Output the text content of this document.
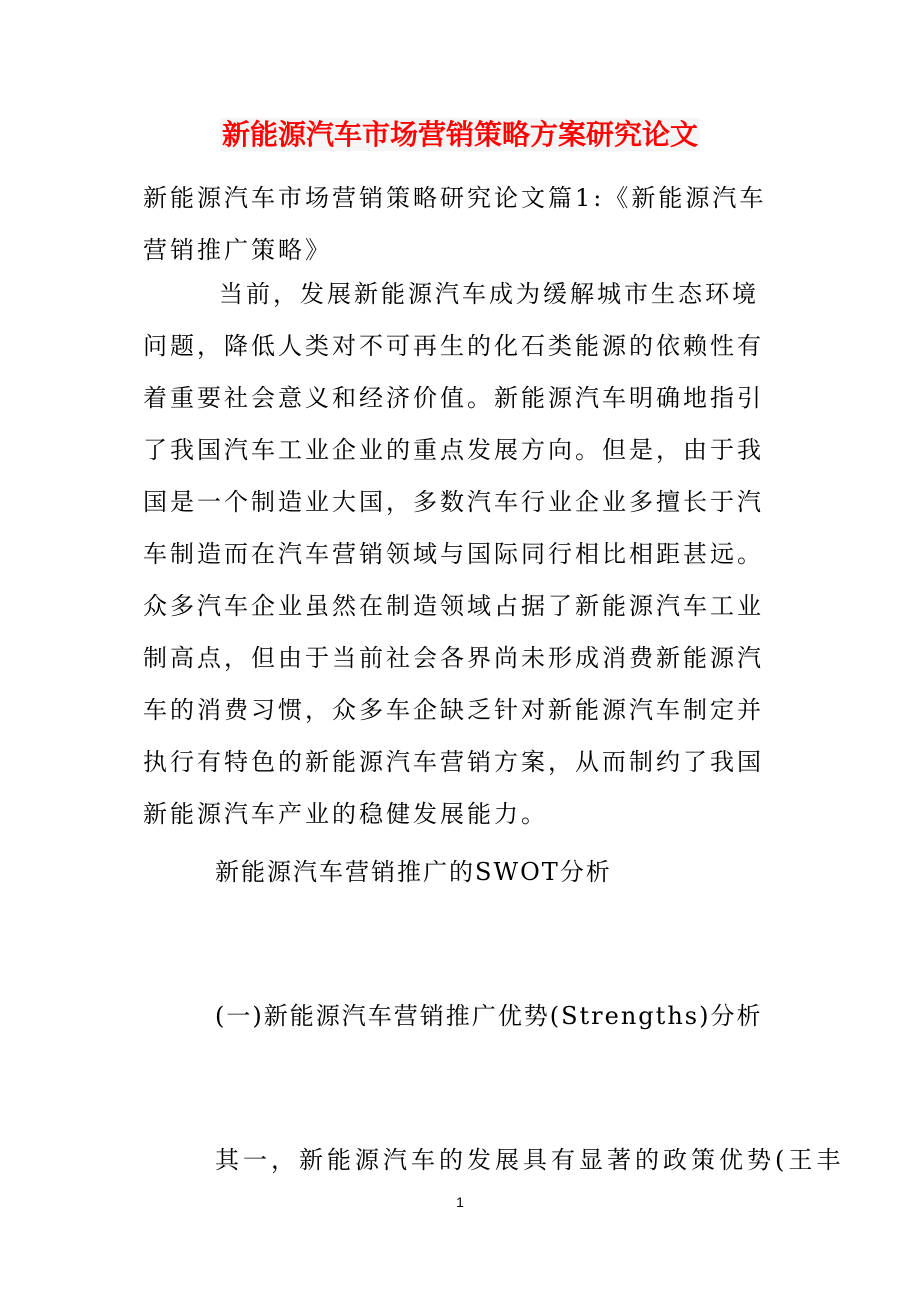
新能源汽车市场营销策略方案研究论文
新能源汽车市场营销策略研究论文篇1:《新能源汽车营销推广策略》
当前，发展新能源汽车成为缓解城市生态环境问题，降低人类对不可再生的化石类能源的依赖性有着重要社会意义和经济价值。新能源汽车明确地指引了我国汽车工业企业的重点发展方向。但是，由于我国是一个制造业大国，多数汽车行业企业多擅长于汽车制造而在汽车营销领域与国际同行相比相距甚远。众多汽车企业虽然在制造领域占据了新能源汽车工业制高点，但由于当前社会各界尚未形成消费新能源汽车的消费习惯，众多车企缺乏针对新能源汽车制定并执行有特色的新能源汽车营销方案，从而制约了我国新能源汽车产业的稳健发展能力。
新能源汽车营销推广的SWOT分析
(一)新能源汽车营销推广优势(Strengths)分析
其一，新能源汽车的发展具有显著的政策优势(王丰
1
